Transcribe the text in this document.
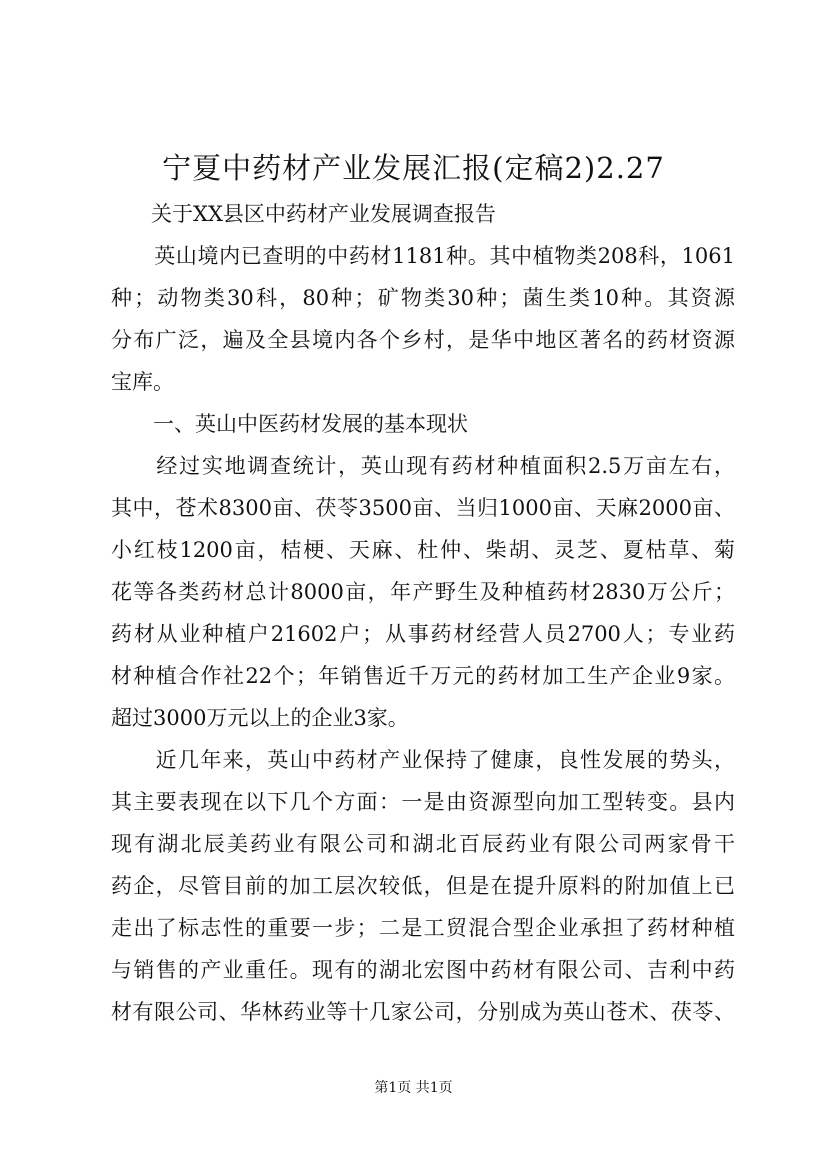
宁夏中药材产业发展汇报(定稿2)2.27
关于XX县区中药材产业发展调查报告
　　英山境内已查明的中药材1181种。其中植物类208科，1061
种；动物类30科，80种；矿物类30种；菌生类10种。其资源
分布广泛，遍及全县境内各个乡村，是华中地区著名的药材资源
宝库。
　　一、英山中医药材发展的基本现状
　　经过实地调查统计，英山现有药材种植面积2.5万亩左右，
其中，苍术8300亩、茯苓3500亩、当归1000亩、天麻2000亩、
小红枝1200亩，桔梗、天麻、杜仲、柴胡、灵芝、夏枯草、菊
花等各类药材总计8000亩，年产野生及种植药材2830万公斤；
药材从业种植户21602户；从事药材经营人员2700人；专业药
材种植合作社22个；年销售近千万元的药材加工生产企业9家。
超过3000万元以上的企业3家。
　　近几年来，英山中药材产业保持了健康，良性发展的势头，
其主要表现在以下几个方面：一是由资源型向加工型转变。县内
现有湖北辰美药业有限公司和湖北百辰药业有限公司两家骨干
药企，尽管目前的加工层次较低，但是在提升原料的附加值上已
走出了标志性的重要一步；二是工贸混合型企业承担了药材种植
与销售的产业重任。现有的湖北宏图中药材有限公司、吉利中药
材有限公司、华林药业等十几家公司，分别成为英山苍术、茯苓、
第1页 共1页
